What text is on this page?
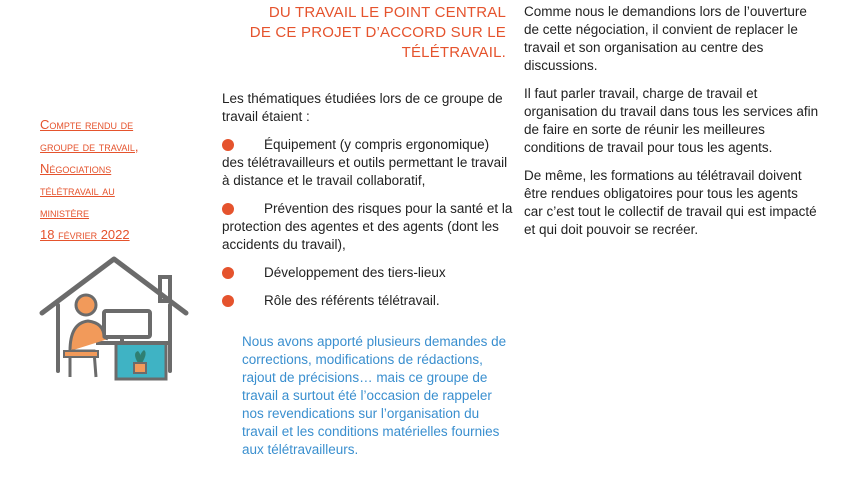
DU TRAVAIL LE POINT CENTRAL
DE CE PROJET D’ACCORD SUR LE
TÉLÉTRAVAIL.
Compte rendu de
groupe de travail,
Négociations
télétravail au
ministère
18 février 2022
Les thématiques étudiées lors de ce groupe de travail étaient :
Équipement (y compris ergonomique) des télétravailleurs et outils permettant le travail à distance et le travail collaboratif,
Prévention des risques pour la santé et la protection des agentes et des agents (dont les accidents du travail),
Développement des tiers-lieux
Rôle des référents télétravail.
Nous avons apporté plusieurs demandes de corrections, modifications de rédactions, rajout de précisions… mais ce groupe de travail a surtout été l’occasion de rappeler nos revendications sur l’organisation du travail et les conditions matérielles fournies aux télétravailleurs.

Comme nous le demandions lors de l’ouverture de cette négociation, il convient de replacer le travail et son organisation au centre des discussions.

Il faut parler travail, charge de travail et organisation du travail dans tous les services afin de faire en sorte de réunir les meilleures conditions de travail pour tous les agents.

De même, les formations au télétravail doivent être rendues obligatoires pour tous les agents car c’est tout le collectif de travail qui est impacté et qui doit pouvoir se recréer.
